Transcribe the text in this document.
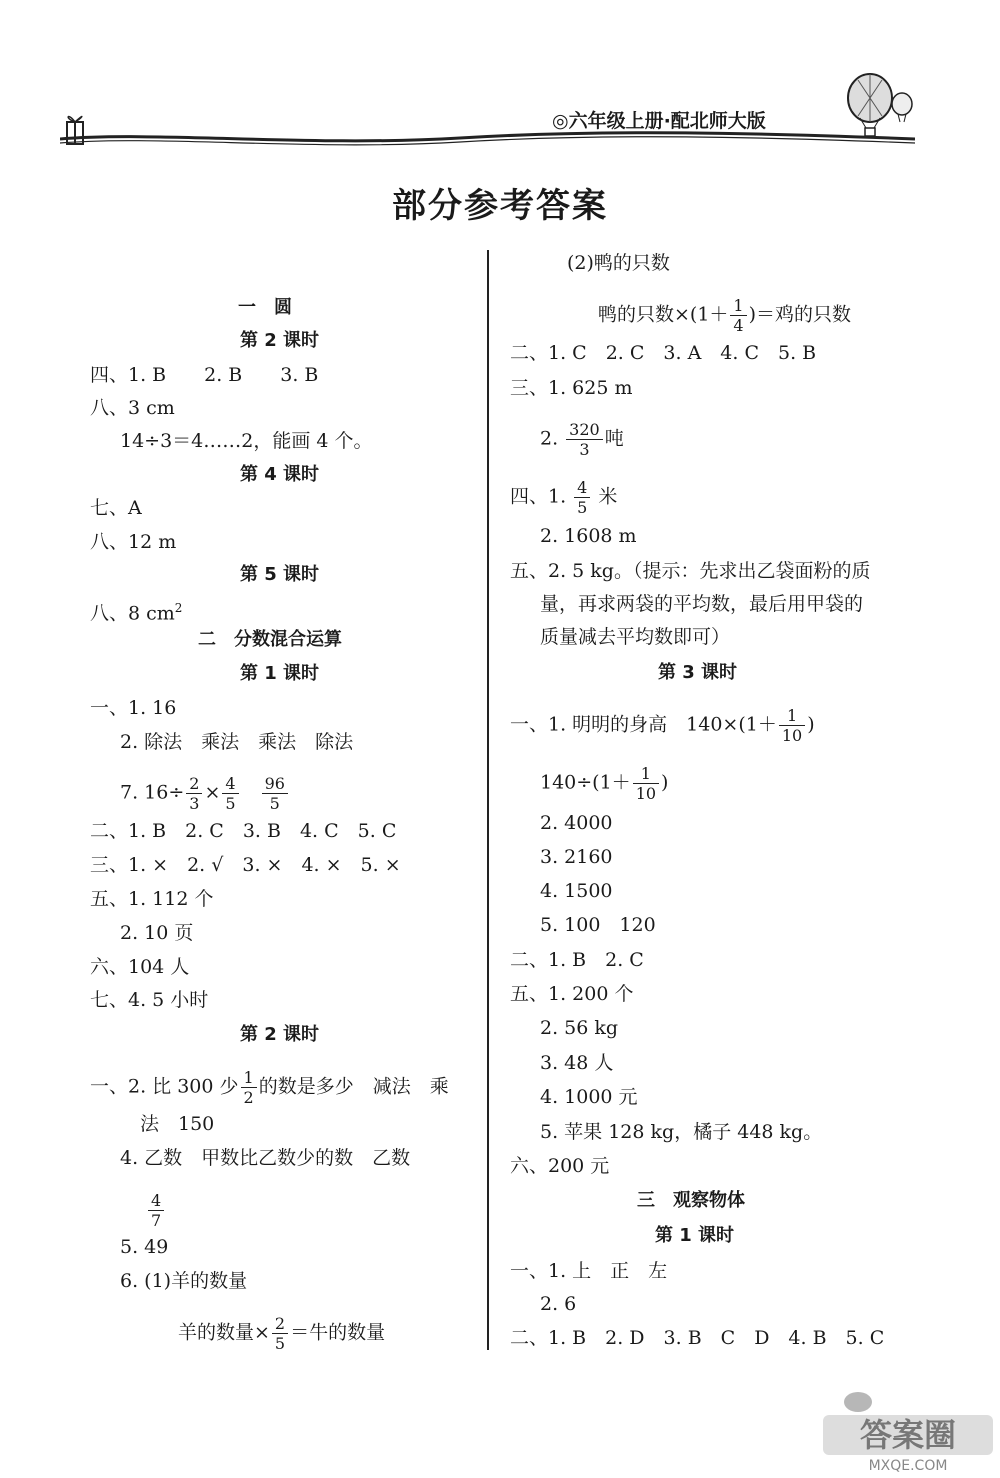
◎六年级上册·配北师大版
部分参考答案
一　圆
第 2 课时
四、1. B　　2. B　　3. B
八、3 cm
14÷3＝4……2，能画 4 个。
第 4 课时
七、A
八、12 m
第 5 课时
八、8 $cm^2$
二　分数混合运算
第 1 课时
一、1. 16
2. 除法　乘法　乘法　除法
7. $16\div \frac{2}{3} \times \frac{4}{5}$
  $\frac{96}{5}$
二、1. B　2. C　3. B　4. C　5. C
三、1. ×　2. √　3. ×　4. ×　5. ×
五、1. 112 个
2. 10 页
六、104 人
七、4. 5 小时
第 2 课时
一、2. 比 300 少 $\frac{1}{2}$ 的数是多少　减法　乘
法　150
4. 乙数　甲数比乙数少的数　乙数
$\frac{4}{7}$
5. 49
6. (1)羊的数量
羊的数量× $\frac{2}{5}$ ＝牛的数量
(2)鸭的只数
鸭的只数$\times(1+ \frac{1}{4}$ )＝鸡的只数
二、1. C　2. C　3. A　4. C　5. B
三、1. 625 m
2. $\frac{320}{3}$ 吨
四、1. $\frac{4}{5}$ 米
2. 1608 m
五、2. 5 kg。（提示：先求出乙袋面粉的质
量，再求两袋的平均数，最后用甲袋的
质量减去平均数即可）
第 3 课时
一、1. 明明的身高　$140\times(1+ \frac{1}{10}$ )
$140\div(1+ \frac{1}{10}$ )
2. 4000
3. 2160
4. 1500
5. 100　120
二、1. B　2. C
五、1. 200 个
2. 56 kg
3. 48 人
4. 1000 元
5. 苹果 128 kg，橘子 448 kg。
六、200 元
三　观察物体
第 1 课时
一、1. 上　正　左
2. 6
二、1. B　2. D　3. B　C　D　4. B　5. C
答案圈
MXQE.COM
